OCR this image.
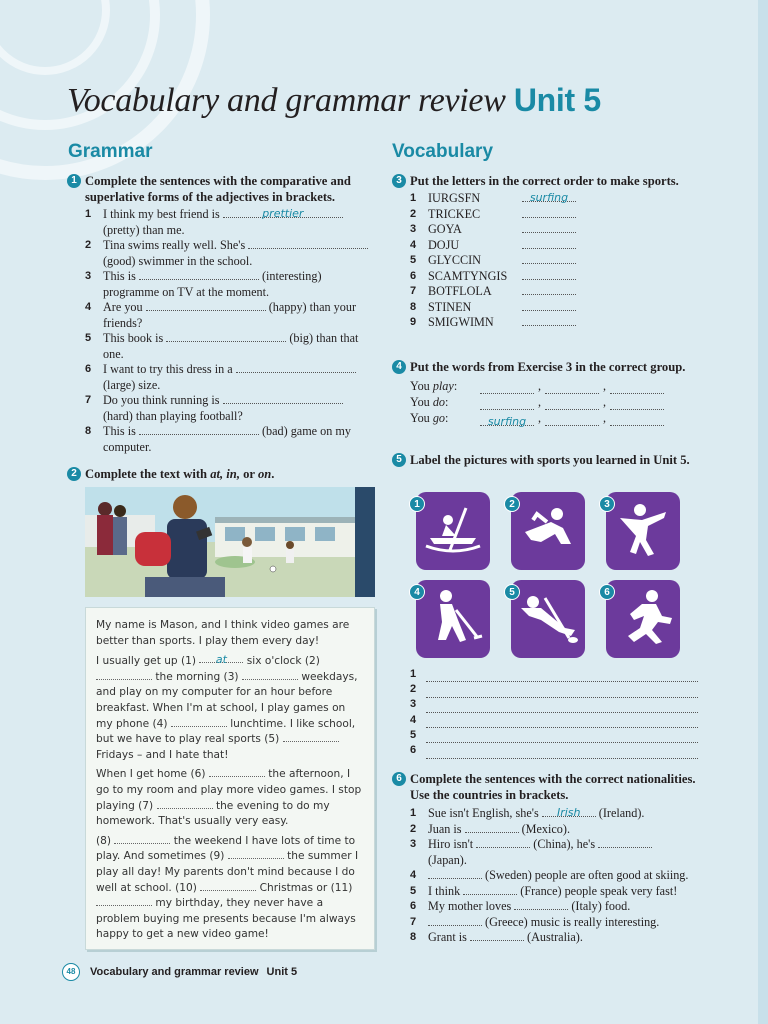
Vocabulary and grammar review Unit 5
Grammar	Vocabulary
1 Complete the sentences with the comparative and superlative forms of the adjectives in brackets.
1 I think my best friend is	prettier (pretty) than me.
2 Tina swims really well. She's  (good) swimmer in the school.
3 This is	(interesting) programme on TV at the moment.
4 Are you	(happy) than your friends?
5 This book is	(big) than that one.
6 I want to try this dress in a  (large) size.
7 Do you think running is  (hard) than playing football?
8 This is	(bad) game on my computer.
2 Complete the text with at, in, or on.

My name is Mason, and I think video games are better than sports. I play them every day!

I usually get up (1) at six o'clock (2)  the morning (3)	weekdays, and play on my computer for an hour before breakfast. When I'm at school, I play games on my phone (4)	lunchtime. I like school, but we have to play real sports (5)  Fridays – and I hate that!

When I get home (6)	the afternoon, I go to my room and play more video games. I stop playing (7)	the evening to do my homework. That's usually very easy.

(8)	the weekend I have lots of time to play. And sometimes (9)	the summer I play all day! My parents don't mind because I do well at school. (10)	Christmas or (11)  my birthday, they never have a problem buying me presents because I'm always happy to get a new video game!

3 Put the letters in the correct order to make sports.
1 IURGSFN	surfing
2 TRICKEC
3 GOYA
4 DOJU
5 GLYCCIN
6 SCAMTYNGIS
7 BOTFLOLA
8 STINEN
9 SMIGWIMN
4 Put the words from Exercise 3 in the correct group.
You play:	,	,
You do:	,	,
You go:	surfing ,	,
5 Label the pictures with sports you learned in Unit 5.
1	2	3
4	5	6
1
2
3
4
5
6
6 Complete the sentences with the correct nationalities. Use the countries in brackets.
1 Sue isn't English, she's Irish (Ireland).
2 Juan is	(Mexico).
3 Hiro isn't	(China), he's
(Japan).
4	(Sweden) people are often good at skiing.
5 I think	(France) people speak very fast!
6 My mother loves	(Italy) food.
7	(Greece) music is really interesting.
8 Grant is	(Australia).
48	Vocabulary and grammar review Unit 5
